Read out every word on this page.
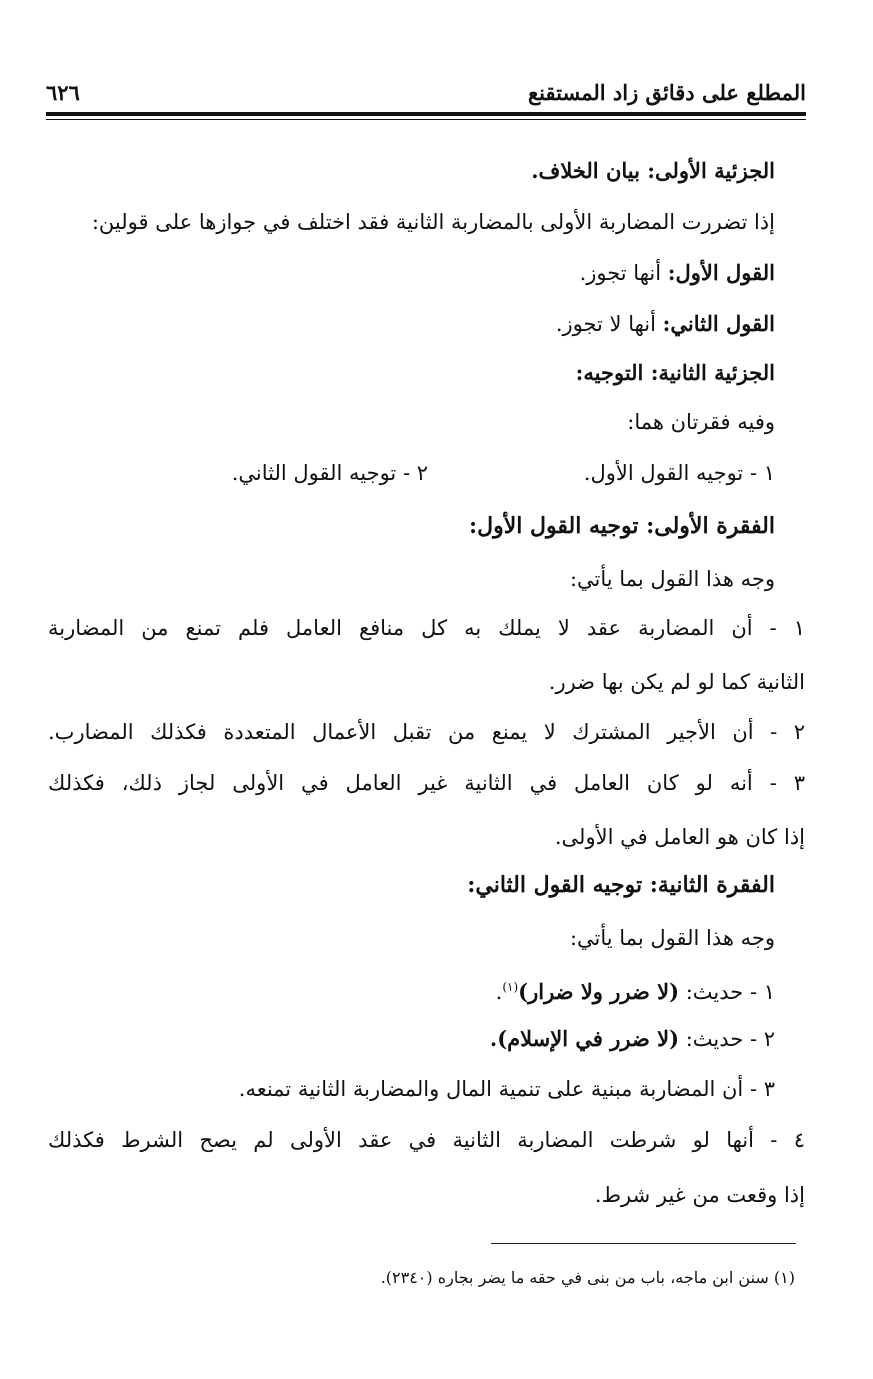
المطلع على دقائق زاد المستقنع
٦٢٦
الجزئية الأولى: بيان الخلاف.
إذا تضررت المضاربة الأولى بالمضاربة الثانية فقد اختلف في جوازها على قولين:
القول الأول: أنها تجوز.
القول الثاني: أنها لا تجوز.
الجزئية الثانية: التوجيه:
وفيه فقرتان هما:
١ - توجيه القول الأول.
٢ - توجيه القول الثاني.
الفقرة الأولى: توجيه القول الأول:
وجه هذا القول بما يأتي:
١ - أن المضاربة عقد لا يملك به كل منافع العامل فلم تمنع من المضاربة
الثانية كما لو لم يكن بها ضرر.
٢ - أن الأجير المشترك لا يمنع من تقبل الأعمال المتعددة فكذلك المضارب.
٣ - أنه لو كان العامل في الثانية غير العامل في الأولى لجاز ذلك، فكذلك
إذا كان هو العامل في الأولى.
الفقرة الثانية: توجيه القول الثاني:
وجه هذا القول بما يأتي:
١ - حديث: (لا ضرر ولا ضرار)$^{(١)}$.
٢ - حديث: (لا ضرر في الإسلام).
٣ - أن المضاربة مبنية على تنمية المال والمضاربة الثانية تمنعه.
٤ - أنها لو شرطت المضاربة الثانية في عقد الأولى لم يصح الشرط فكذلك
إذا وقعت من غير شرط.
(١) سنن ابن ماجه، باب من بنى في حقه ما يضر بجاره (٢٣٤٠).
